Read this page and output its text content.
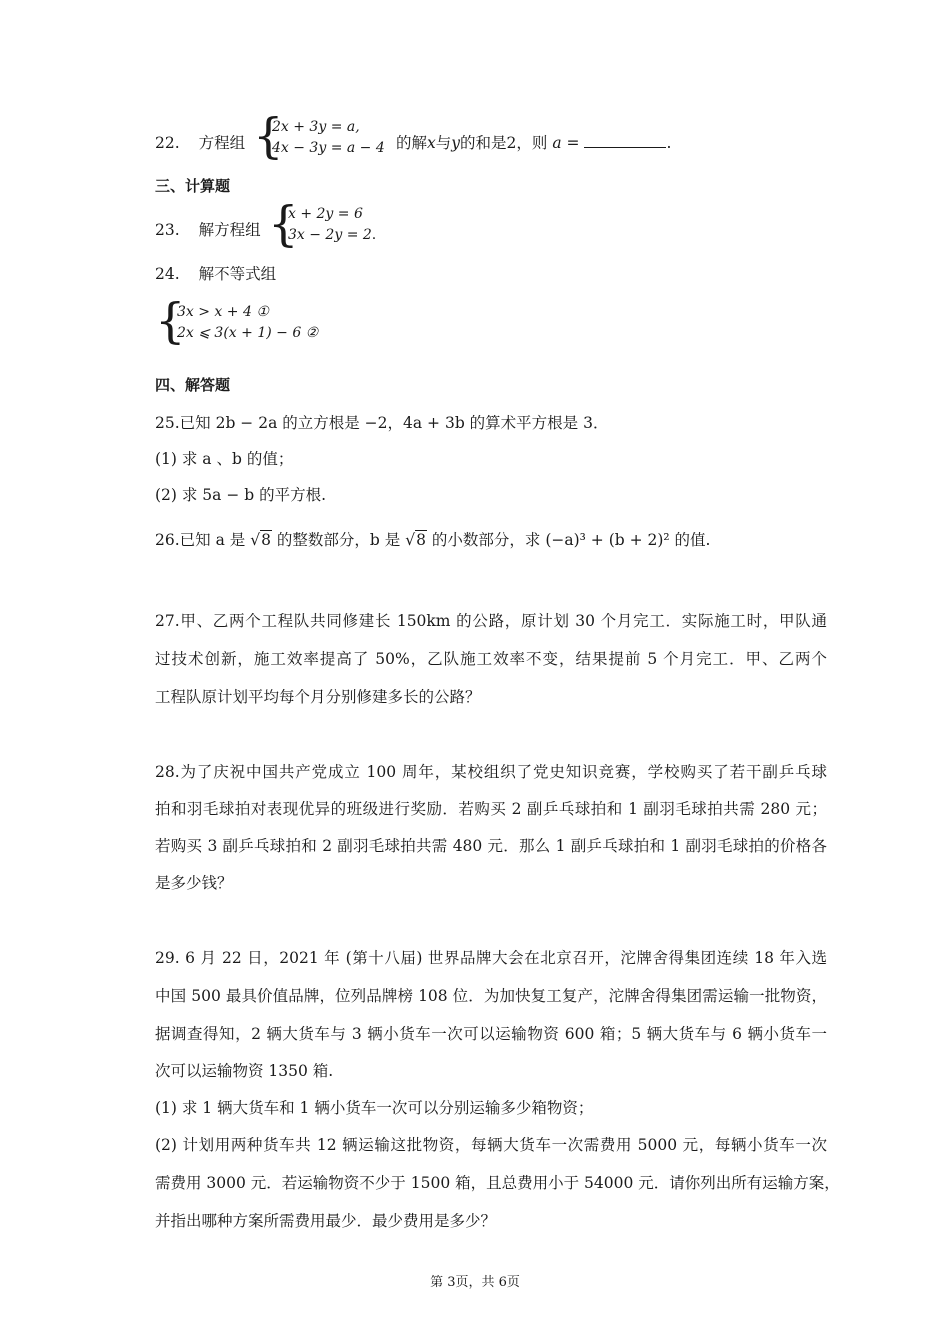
22. 方程组 {
2x + 3y = a,
4x − 3y = a − 4 的解x与y的和是2，则 a =	.
三、计算题
23. 解方程组 {
x + 2y = 6
3x − 2y = 2.
24. 解不等式组
{
3x > x + 4 ①
2x ⩽ 3(x + 1) − 6 ②
四、解答题
25.已知 2b − 2a 的立方根是 −2，4a + 3b 的算术平方根是 3．
(1) 求 a 、b 的值；
(2) 求 5a − b 的平方根.
26.已知 a 是 √8 的整数部分，b 是 √8 的小数部分，求 (−a)³ + (b + 2)² 的值.
27.甲、乙两个工程队共同修建长 150km 的公路，原计划 30 个月完工．实际施工时，甲队通
过技术创新，施工效率提高了 50%，乙队施工效率不变，结果提前 5 个月完工．甲、乙两个
工程队原计划平均每个月分别修建多长的公路？
28.为了庆祝中国共产党成立 100 周年，某校组织了党史知识竞赛，学校购买了若干副乒乓球
拍和羽毛球拍对表现优异的班级进行奖励．若购买 2 副乒乓球拍和 1 副羽毛球拍共需 280 元；
若购买 3 副乒乓球拍和 2 副羽毛球拍共需 480 元．那么 1 副乒乓球拍和 1 副羽毛球拍的价格各
是多少钱？
29. 6 月 22 日，2021 年 (第十八届) 世界品牌大会在北京召开，沱牌舍得集团连续 18 年入选
中国 500 最具价值品牌，位列品牌榜 108 位．为加快复工复产，沱牌舍得集团需运输一批物资，
据调查得知，2 辆大货车与 3 辆小货车一次可以运输物资 600 箱；5 辆大货车与 6 辆小货车一
次可以运输物资 1350 箱.
(1) 求 1 辆大货车和 1 辆小货车一次可以分别运输多少箱物资；
(2) 计划用两种货车共 12 辆运输这批物资，每辆大货车一次需费用 5000 元，每辆小货车一次
需费用 3000 元．若运输物资不少于 1500 箱，且总费用小于 54000 元．请你列出所有运输方案，
并指出哪种方案所需费用最少．最少费用是多少？
第 3页，共 6页
